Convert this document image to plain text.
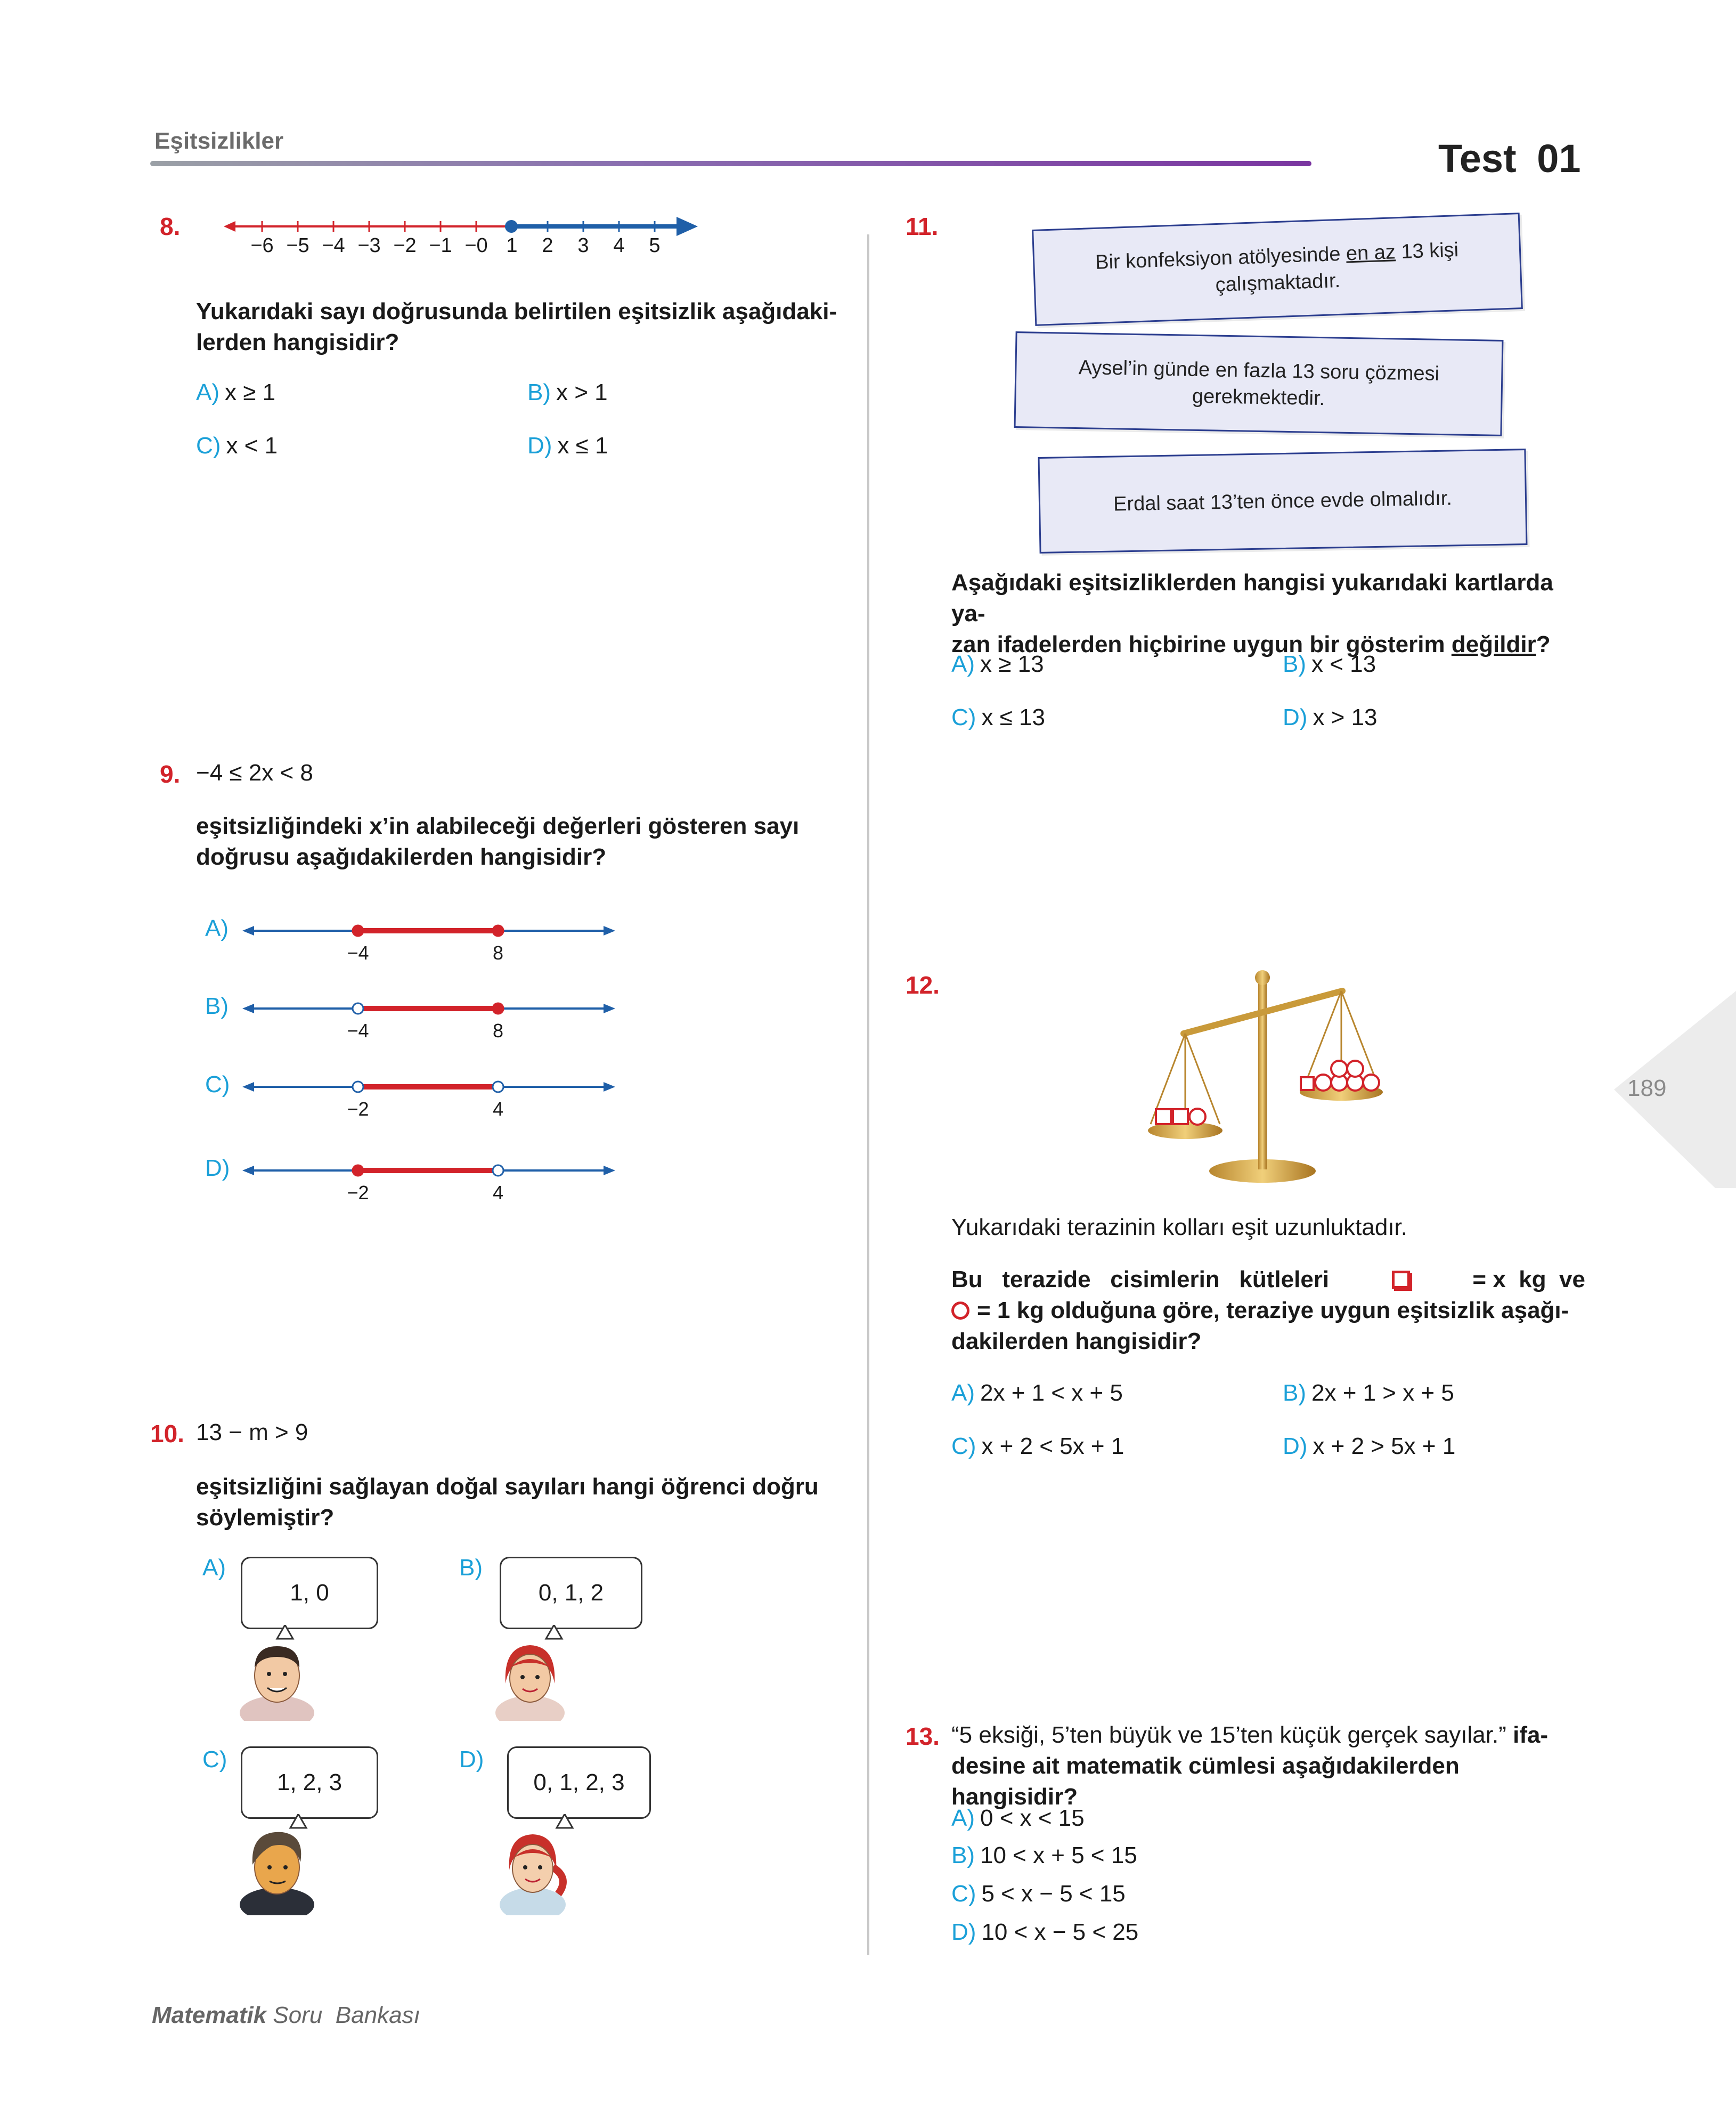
Eşitsizlikler	Test 01
8.
−6 −5 −4 −3 −2 −1 −0 1	2	3	4	5
Yukarıdaki sayı doğrusunda belirtilen eşitsizlik aşağıdaki-
lerden hangisidir?
A) x ≥ 1	B) x > 1
C) x < 1	D) x ≤ 1
9. −4 ≤ 2x < 8
eşitsizliğindeki x’in alabileceği değerleri gösteren sayı
doğrusu aşağıdakilerden hangisidir?
A)
−4	8
B)
−4	8
C)
−2	4
D)
−2	4
10. 13 − m > 9
eşitsizliğini sağlayan doğal sayıları hangi öğrenci doğru
söylemiştir?
A)
1, 0
B)
0, 1, 2
C)
1, 2, 3
D)
0, 1, 2, 3
11.
Bir konfeksiyon atölyesinde en az 13 kişi
çalışmaktadır.
Aysel’in günde en fazla 13 soru çözmesi
gerekmektedir.
Erdal saat 13’ten önce evde olmalıdır.
Aşağıdaki eşitsizliklerden hangisi yukarıdaki kartlarda ya-
zan ifadelerden hiçbirine uygun bir gösterim değildir?
A) x ≥ 13	B) x < 13
C) x ≤ 13	D) x > 13
12.
Yukarıdaki terazinin kolları eşit uzunluktadır.
Bu   terazide   cisimlerin   kütleleri	= x  kg  ve
= 1 kg olduğuna göre, teraziye uygun eşitsizlik aşağı-
dakilerden hangisidir?
A) 2x + 1 < x + 5	B) 2x + 1 > x + 5
C) x + 2 < 5x + 1	D) x + 2 > 5x + 1
13. “5 eksiği, 5’ten büyük ve 15’ten küçük gerçek sayılar.” ifa-
desine ait matematik cümlesi aşağıdakilerden hangisidir?
A) 0 < x < 15
B) 10 < x + 5 < 15
C) 5 < x − 5 < 15
D) 10 < x − 5 < 25
189
Matematik Soru  Bankası
